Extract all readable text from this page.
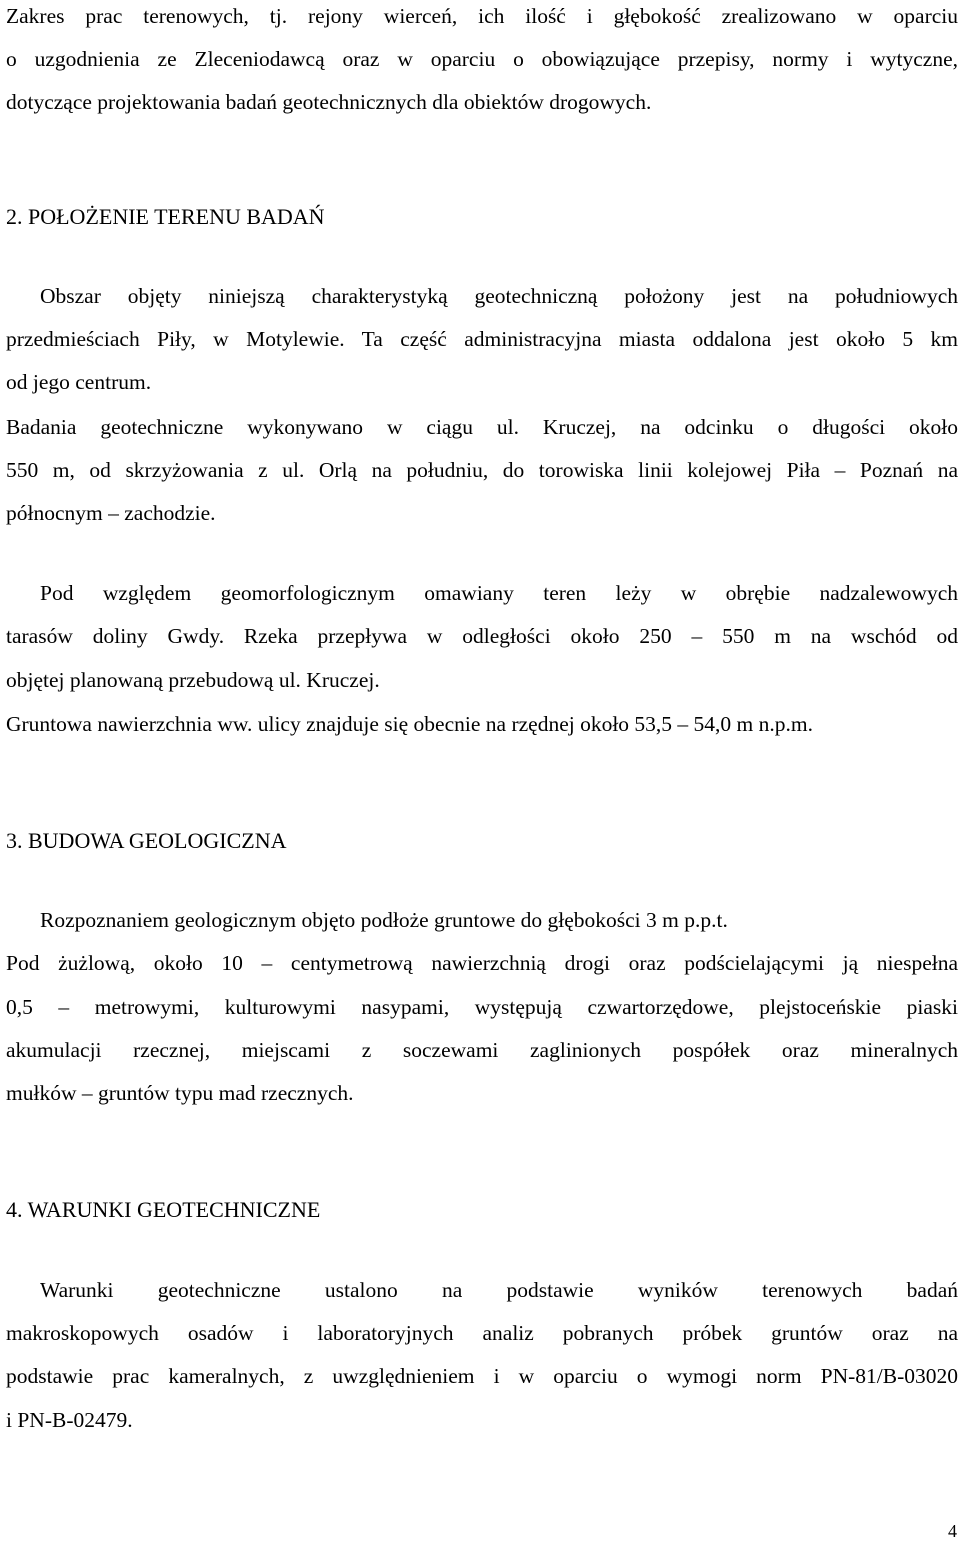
Zakres prac terenowych, tj. rejony wierceń, ich ilość i głębokość zrealizowano w oparciu
o uzgodnienia ze Zleceniodawcą oraz w oparciu o obowiązujące przepisy, normy i wytyczne,
dotyczące projektowania badań geotechnicznych dla obiektów drogowych.
2. POŁOŻENIE TERENU BADAŃ
Obszar objęty niniejszą charakterystyką geotechniczną położony jest na południowych
przedmieściach Piły, w Motylewie. Ta część administracyjna miasta oddalona jest około 5 km
od jego centrum.
Badania geotechniczne wykonywano w ciągu ul. Kruczej, na odcinku o długości około
550 m, od skrzyżowania z ul. Orlą na południu, do torowiska linii kolejowej Piła – Poznań na
północnym – zachodzie.
Pod względem geomorfologicznym omawiany teren leży w obrębie nadzalewowych
tarasów doliny Gwdy. Rzeka przepływa w odległości około 250 – 550 m na wschód od
objętej planowaną przebudową ul. Kruczej.
Gruntowa nawierzchnia ww. ulicy znajduje się obecnie na rzędnej około 53,5 – 54,0 m n.p.m.
3. BUDOWA GEOLOGICZNA
Rozpoznaniem geologicznym objęto podłoże gruntowe do głębokości 3 m p.p.t.
Pod żużlową, około 10 – centymetrową nawierzchnią drogi oraz podścielającymi ją niespełna
0,5 – metrowymi, kulturowymi nasypami, występują czwartorzędowe, plejstoceńskie piaski
akumulacji rzecznej, miejscami z soczewami zaglinionych pospółek oraz mineralnych
mułków – gruntów typu mad rzecznych.
4. WARUNKI GEOTECHNICZNE
Warunki geotechniczne ustalono na podstawie wyników terenowych badań
makroskopowych osadów i laboratoryjnych analiz pobranych próbek gruntów oraz na
podstawie prac kameralnych, z uwzględnieniem i w oparciu o wymogi norm PN-81/B-03020
i PN-B-02479.
4
